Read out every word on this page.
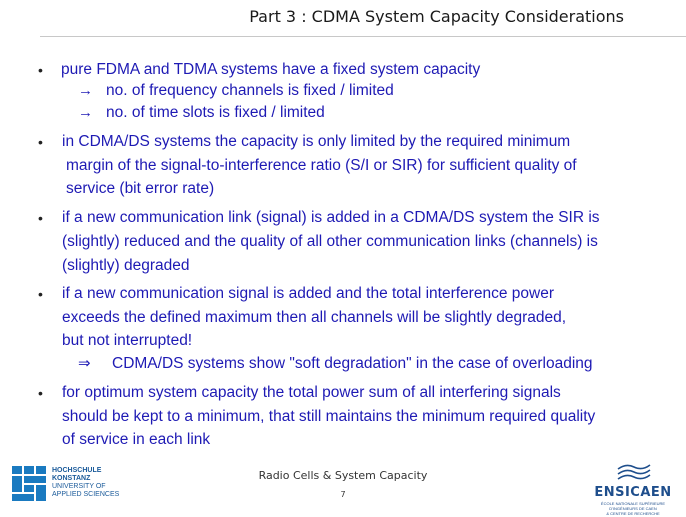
Part 3 : CDMA System Capacity Considerations
• pure FDMA and TDMA systems have a fixed system capacity
→ no. of frequency channels is fixed / limited
→ no. of time slots is fixed / limited
• in CDMA/DS systems the capacity is only limited by the required minimum
margin of the signal-to-interference ratio (S/I or SIR) for sufficient quality of
service (bit error rate)
• if a new communication link (signal) is added in a CDMA/DS system the SIR is
(slightly) reduced and the quality of all other communication links (channels) is
(slightly) degraded
• if a new communication signal is added and the total interference power
exceeds the defined maximum then all channels will be slightly degraded,
but not interrupted!
⇒ CDMA/DS systems show "soft degradation" in the case of overloading
• for optimum system capacity the total power sum of all interfering signals
should be kept to a minimum, that still maintains the minimum required quality
of service in each link
Radio Cells & System Capacity
7
HOCHSCHULE
KONSTANZ
UNIVERSITY OF
APPLIED SCIENCES	ENSICAEN
ÉCOLE NATIONALE SUPÉRIEURE D'INGÉNIEURS DE CAEN
& CENTRE DE RECHERCHE
